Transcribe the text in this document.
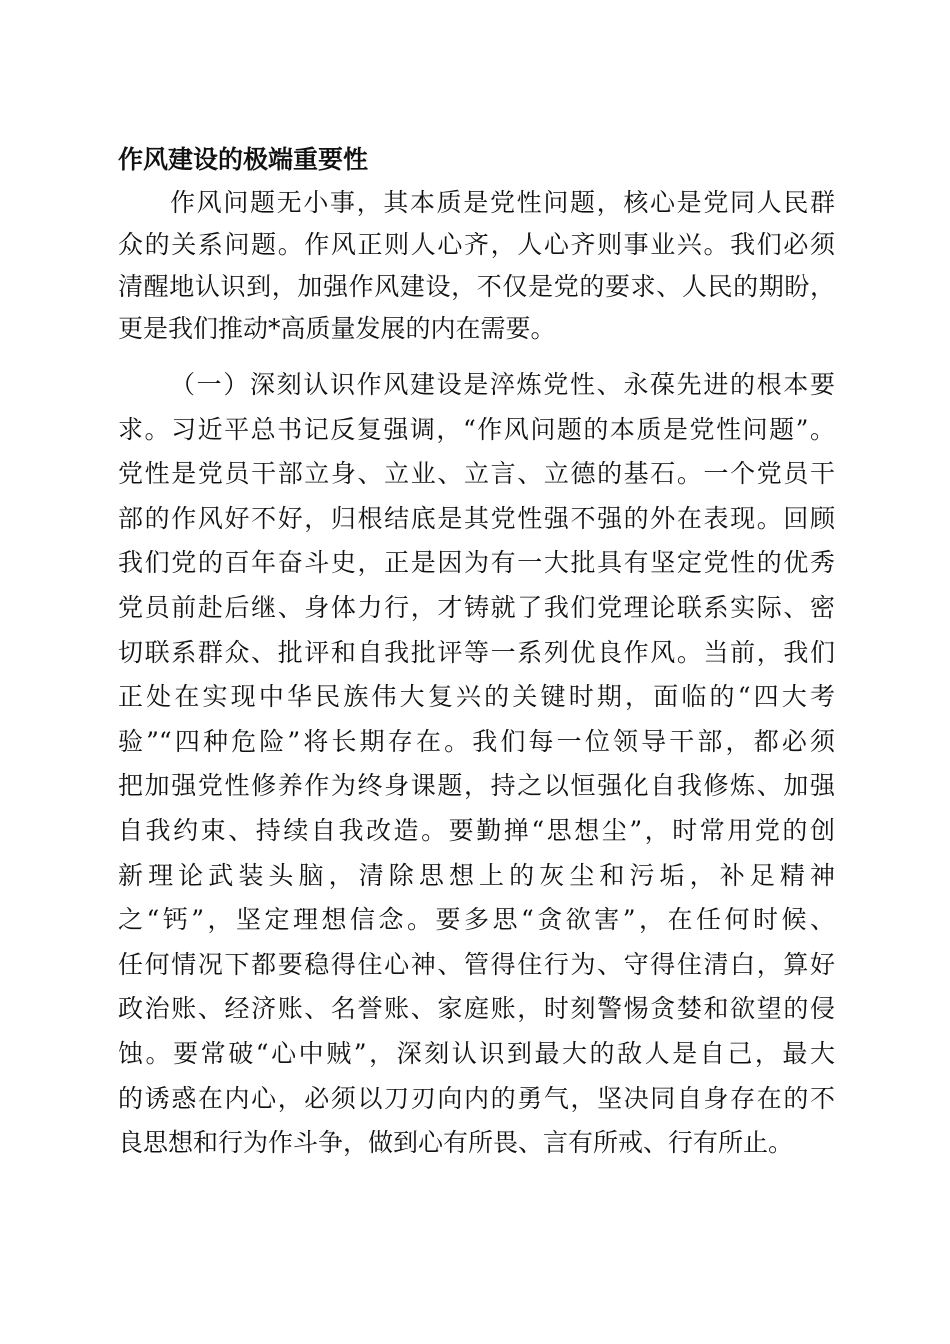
作风建设的极端重要性
作风问题无小事，其本质是党性问题，核心是党同人民群
众的关系问题。作风正则人心齐，人心齐则事业兴。我们必须
清醒地认识到，加强作风建设，不仅是党的要求、人民的期盼，
更是我们推动*高质量发展的内在需要。
（一）深刻认识作风建设是淬炼党性、永葆先进的根本要
求。习近平总书记反复强调，“作风问题的本质是党性问题”。
党性是党员干部立身、立业、立言、立德的基石。一个党员干
部的作风好不好，归根结底是其党性强不强的外在表现。回顾
我们党的百年奋斗史，正是因为有一大批具有坚定党性的优秀
党员前赴后继、身体力行，才铸就了我们党理论联系实际、密
切联系群众、批评和自我批评等一系列优良作风。当前，我们
正处在实现中华民族伟大复兴的关键时期，面临的“四大考
验”“四种危险”将长期存在。我们每一位领导干部，都必须
把加强党性修养作为终身课题，持之以恒强化自我修炼、加强
自我约束、持续自我改造。要勤掸“思想尘”，时常用党的创
新理论武装头脑，清除思想上的灰尘和污垢，补足精神
之“钙”，坚定理想信念。要多思“贪欲害”，在任何时候、
任何情况下都要稳得住心神、管得住行为、守得住清白，算好
政治账、经济账、名誉账、家庭账，时刻警惕贪婪和欲望的侵
蚀。要常破“心中贼”，深刻认识到最大的敌人是自己，最大
的诱惑在内心，必须以刀刃向内的勇气，坚决同自身存在的不
良思想和行为作斗争，做到心有所畏、言有所戒、行有所止。
